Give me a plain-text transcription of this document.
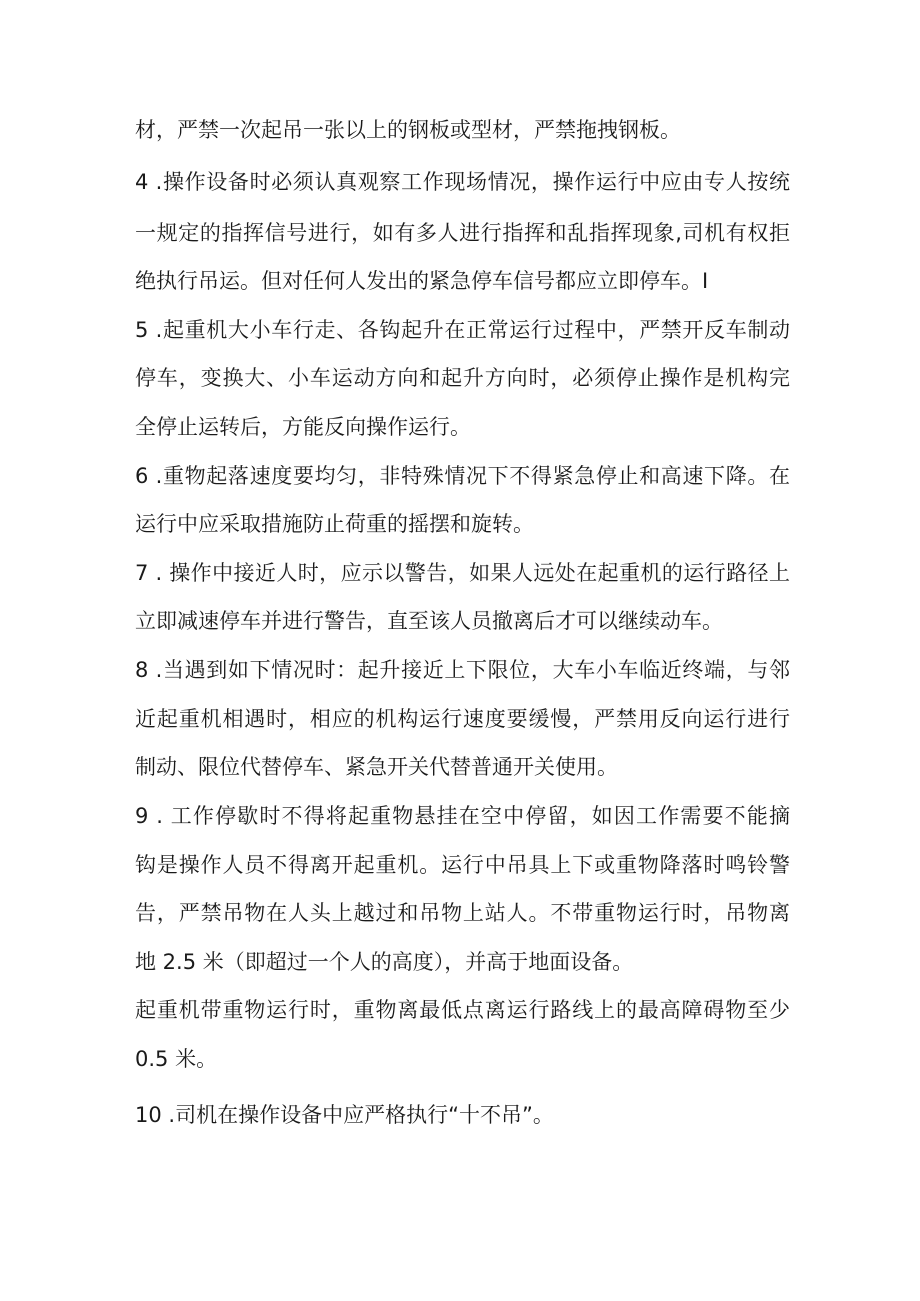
材，严禁一次起吊一张以上的钢板或型材，严禁拖拽钢板。
4 .操作设备时必须认真观察工作现场情况，操作运行中应由专人按统
一规定的指挥信号进行，如有多人进行指挥和乱指挥现象,司机有权拒
绝执行吊运。但对任何人发出的紧急停车信号都应立即停车。I
5 .起重机大小车行走、各钩起升在正常运行过程中，严禁开反车制动
停车，变换大、小车运动方向和起升方向时，必须停止操作是机构完
全停止运转后，方能反向操作运行。
6 .重物起落速度要均匀，非特殊情况下不得紧急停止和高速下降。在
运行中应采取措施防止荷重的摇摆和旋转。
7 . 操作中接近人时，应示以警告，如果人远处在起重机的运行路径上
立即减速停车并进行警告，直至该人员撤离后才可以继续动车。
8 .当遇到如下情况时：起升接近上下限位，大车小车临近终端，与邻
近起重机相遇时，相应的机构运行速度要缓慢，严禁用反向运行进行
制动、限位代替停车、紧急开关代替普通开关使用。
9 . 工作停歇时不得将起重物悬挂在空中停留，如因工作需要不能摘
钩是操作人员不得离开起重机。运行中吊具上下或重物降落时鸣铃警
告，严禁吊物在人头上越过和吊物上站人。不带重物运行时，吊物离
地 2.5 米（即超过一个人的高度），并高于地面设备。
起重机带重物运行时，重物离最低点离运行路线上的最高障碍物至少
0.5 米。
10 .司机在操作设备中应严格执行“十不吊”。
